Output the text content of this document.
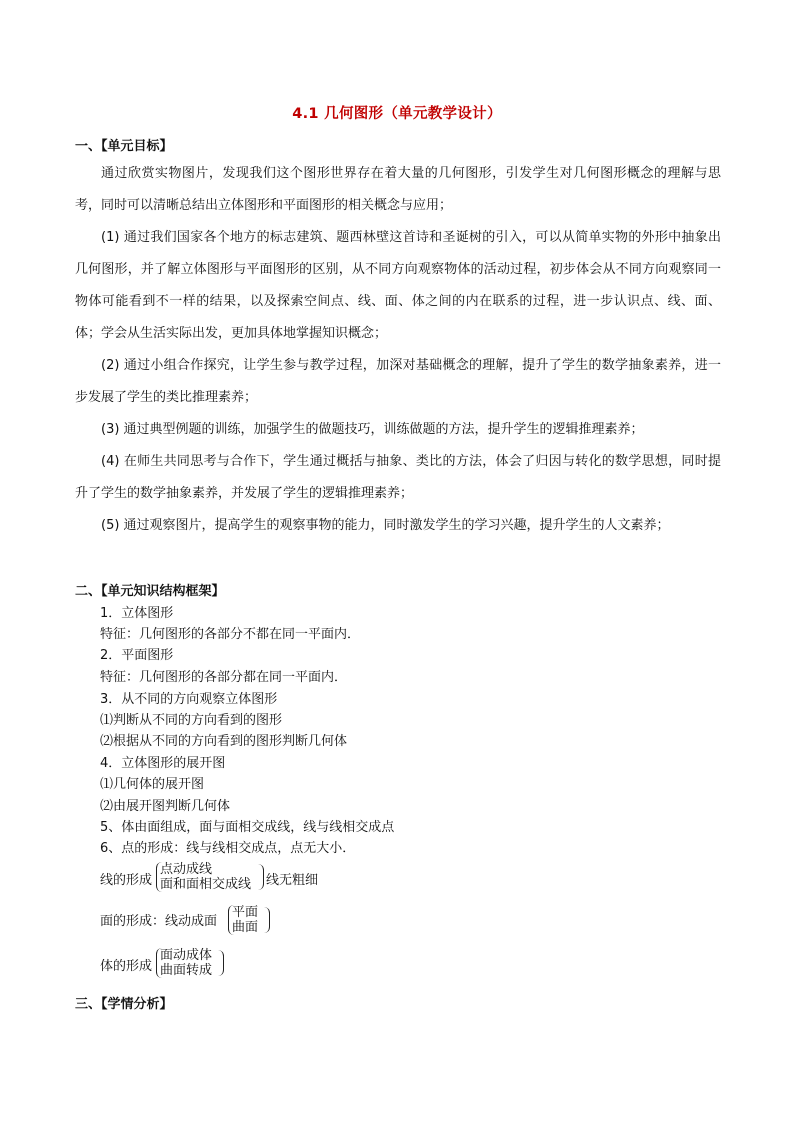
4.1 几何图形（单元教学设计）
一、【单元目标】
通过欣赏实物图片，发现我们这个图形世界存在着大量的几何图形，引发学生对几何图形概念的理解与思考，同时可以清晰总结出立体图形和平面图形的相关概念与应用；
(1) 通过我们国家各个地方的标志建筑、题西林壁这首诗和圣诞树的引入，可以从简单实物的外形中抽象出几何图形，并了解立体图形与平面图形的区别，从不同方向观察物体的活动过程，初步体会从不同方向观察同一物体可能看到不一样的结果，以及探索空间点、线、面、体之间的内在联系的过程，进一步认识点、线、面、体；学会从生活实际出发，更加具体地掌握知识概念；
(2) 通过小组合作探究，让学生参与教学过程，加深对基础概念的理解，提升了学生的数学抽象素养，进一步发展了学生的类比推理素养；
(3) 通过典型例题的训练，加强学生的做题技巧，训练做题的方法，提升学生的逻辑推理素养；
(4) 在师生共同思考与合作下，学生通过概括与抽象、类比的方法，体会了归因与转化的数学思想，同时提升了学生的数学抽象素养，并发展了学生的逻辑推理素养；
(5) 通过观察图片，提高学生的观察事物的能力，同时激发学生的学习兴趣，提升学生的人文素养；
二、【单元知识结构框架】
1．立体图形
特征：几何图形的各部分不都在同一平面内．
2．平面图形
特征：几何图形的各部分都在同一平面内．
3．从不同的方向观察立体图形
⑴判断从不同的方向看到的图形
⑵根据从不同的方向看到的图形判断几何体
4．立体图形的展开图
⑴几何体的展开图
⑵由展开图判断几何体
5、体由面组成，面与面相交成线，线与线相交成点
6、点的形成：线与线相交成点，点无大小．
线的形成
点动成线
面和面相交成线 线无粗细
面的形成：线动成面
平面
曲面
体的形成
面动成体
曲面转成
三、【学情分析】
